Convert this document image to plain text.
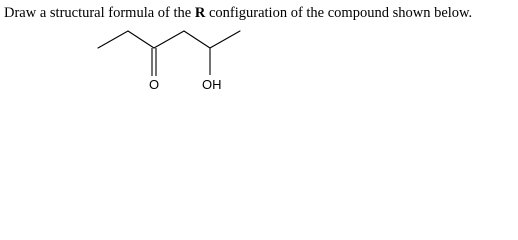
Draw a structural formula of the R configuration of the compound shown below.

O	OH
